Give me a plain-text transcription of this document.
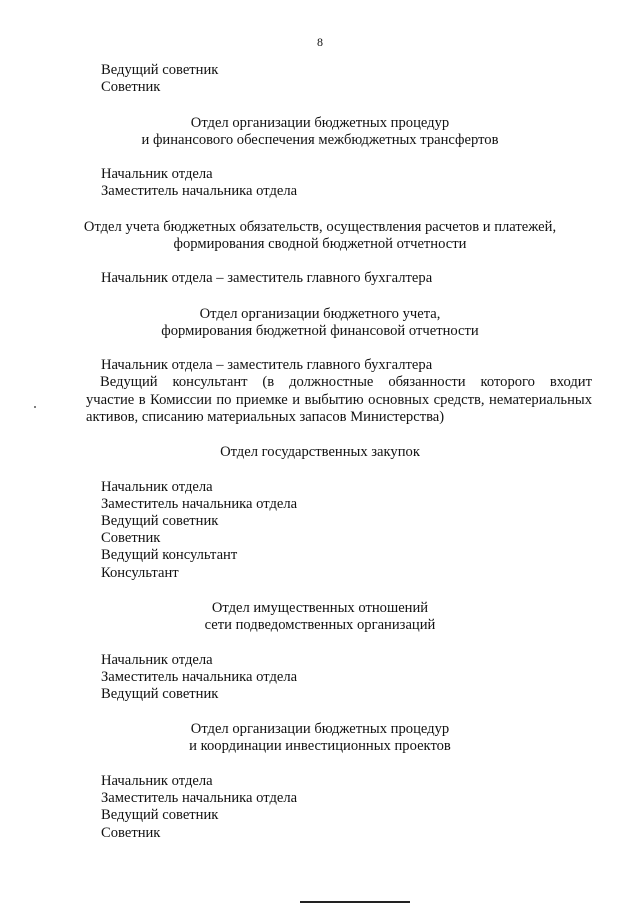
8
Ведущий советник
Советник
Отдел организации бюджетных процедур
и финансового обеспечения межбюджетных трансфертов
Начальник отдела
Заместитель начальника отдела
Отдел учета бюджетных обязательств, осуществления расчетов и платежей,
формирования сводной бюджетной отчетности
Начальник отдела – заместитель главного бухгалтера
Отдел организации бюджетного учета,
формирования бюджетной финансовой отчетности
Начальник отдела – заместитель главного бухгалтера
Ведущий консультант (в должностные обязанности которого входит
участие в Комиссии по приемке и выбытию основных средств, нематериальных
активов, списанию материальных запасов Министерства)
Отдел государственных закупок
Начальник отдела
Заместитель начальника отдела
Ведущий советник
Советник
Ведущий консультант
Консультант
Отдел имущественных отношений
сети подведомственных организаций
Начальник отдела
Заместитель начальника отдела
Ведущий советник
Отдел организации бюджетных процедур
и координации инвестиционных проектов
Начальник отдела
Заместитель начальника отдела
Ведущий советник
Советник
